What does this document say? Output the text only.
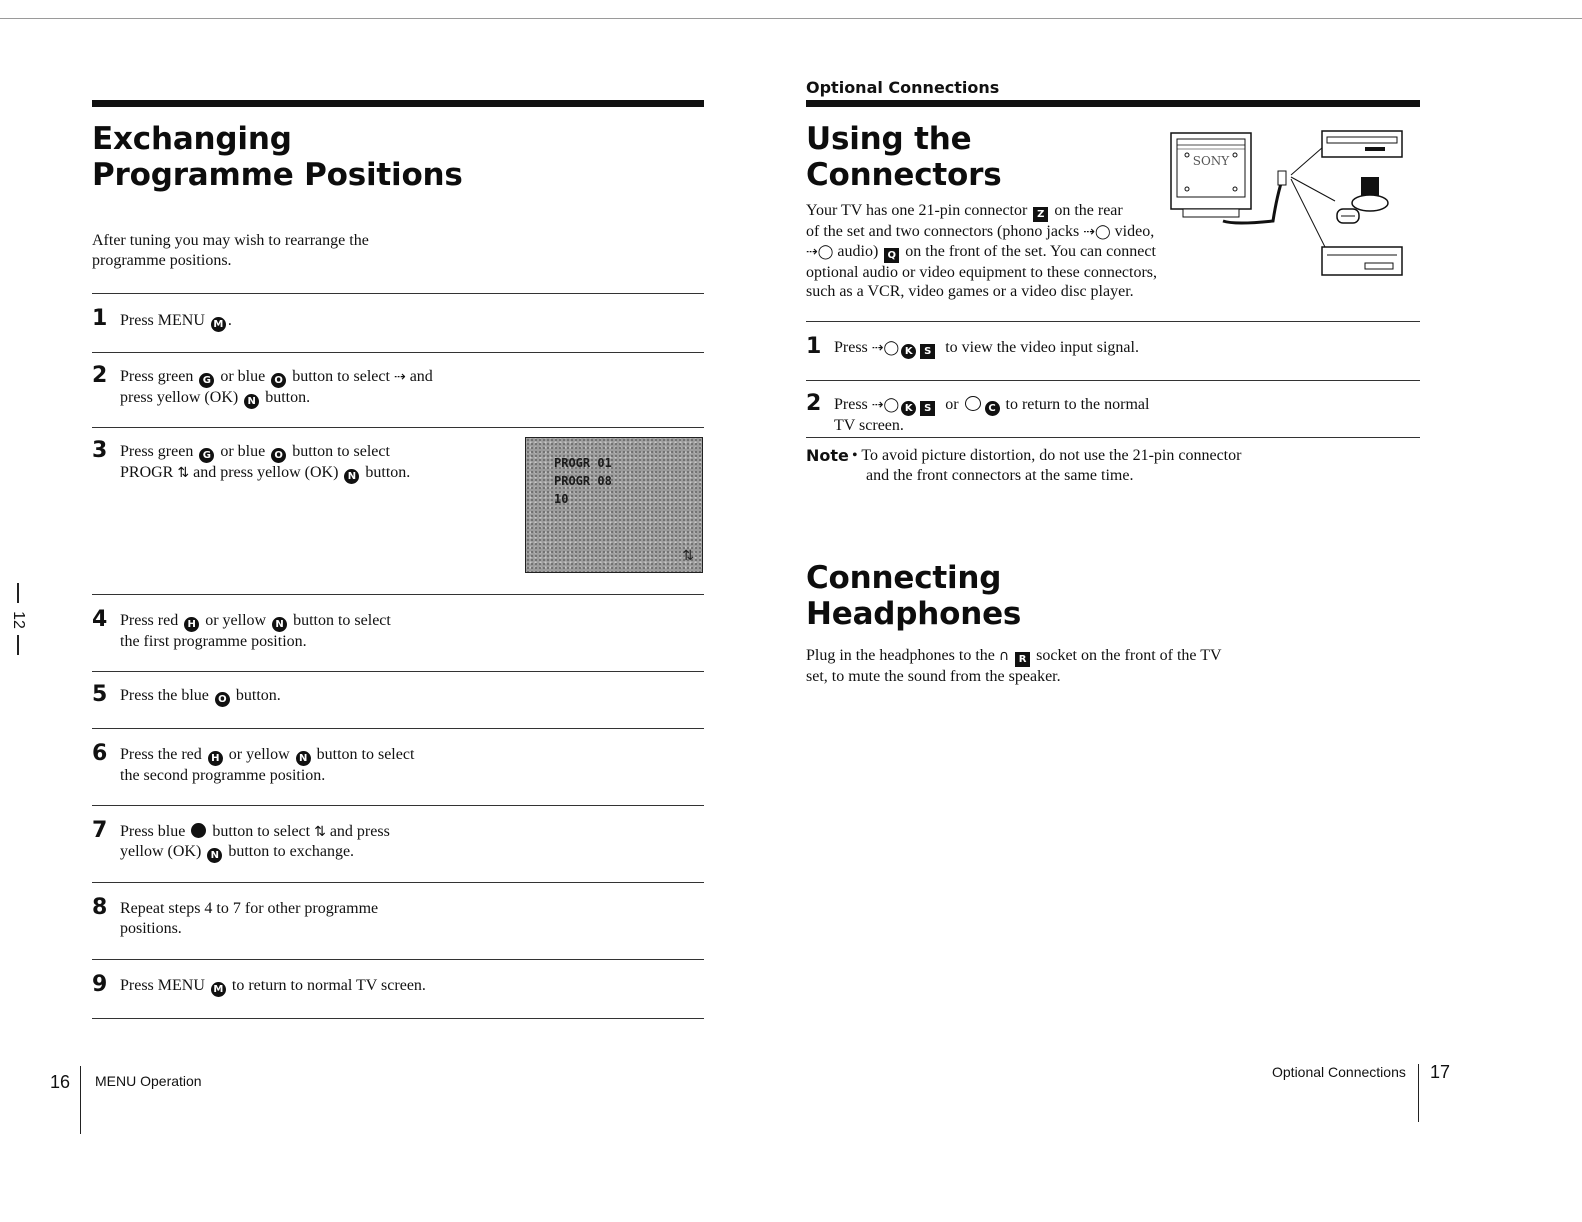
12
Exchanging
Programme Positions

After tuning you may wish to rearrange the
programme positions.

1 Press MENU M .
2 Press green G or blue O button to select ⇢ and
press yellow (OK) N button.
3 Press green G or blue O button to select
PROGR ⇅ and press yellow (OK) N button.
4 Press red H or yellow N button to select
the first programme position.
5 Press the blue O button.
6 Press the red H or yellow N button to select
the second programme position.
7 Press blue button to select ⇅ and press
yellow (OK) N button to exchange.
8 Repeat steps 4 to 7 for other programme
positions.
9 Press MENU M to return to normal TV screen.
PROGR 01
PROGR 08
10
⇅
16 MENU Operation
Optional Connections
Using the
Connectors
Your TV has one 21-pin connector Z on the rear
of the set and two connectors (phono jacks ⇢◯ video,
⇢◯ audio) Q on the front of the set. You can connect
optional audio or video equipment to these connectors,
such as a VCR, video games or a video disc player.
1 Press ⇢◯ K S to view the video input signal.
2 Press ⇢◯ K S or	C to return to the normal
TV screen.
Note • To avoid picture distortion, do not use the 21-pin connector
and the front connectors at the same time.
Connecting
Headphones
Plug in the headphones to the ∩ R socket on the front of the TV
set, to mute the sound from the speaker.
SONY
Optional Connections 17
